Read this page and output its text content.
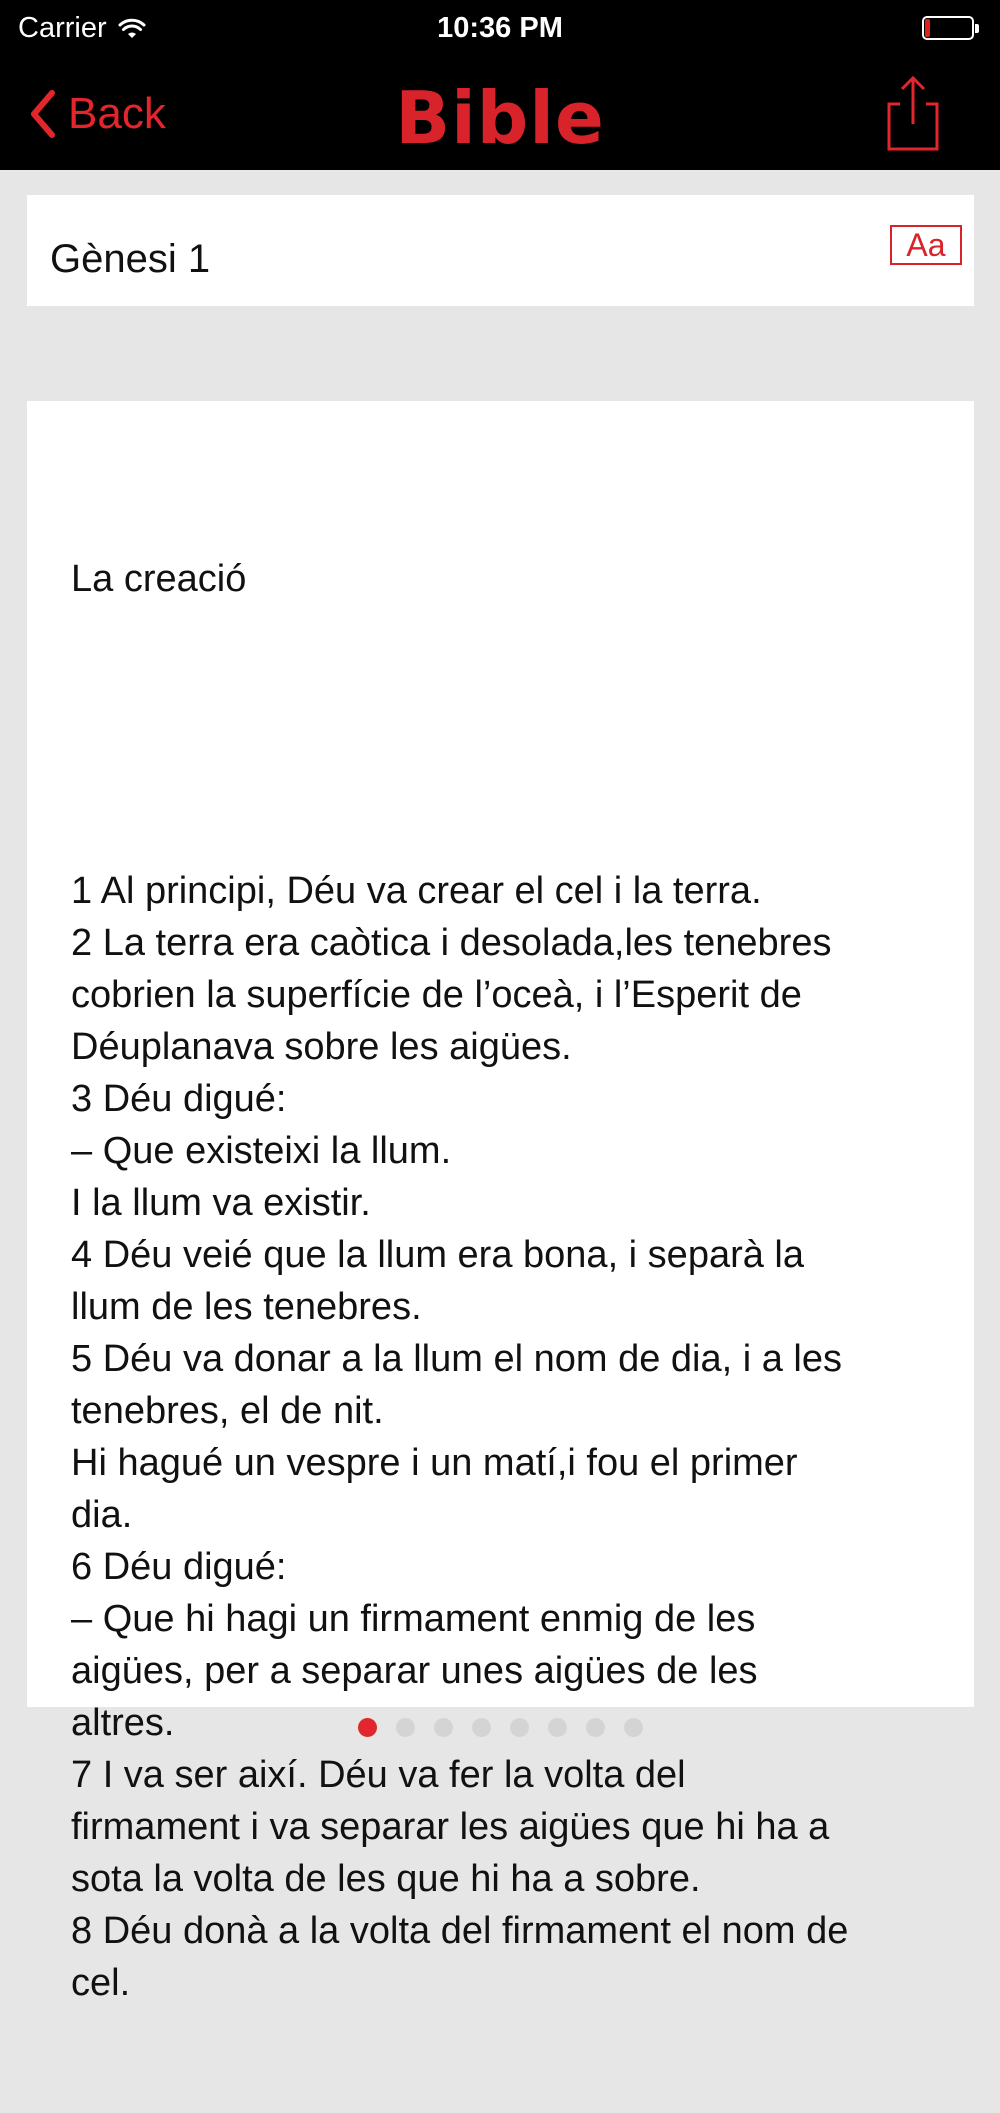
Carrier	10:36 PM
Back	Bible
Gènesi 1	Aa

La creació

1 Al principi, Déu va crear el cel i la terra.
2 La terra era caòtica i desolada,les tenebres
cobrien la superfície de l’oceà, i l’Esperit de
Déuplanava sobre les aigües.
3 Déu digué:
– Que existeixi la llum.
I la llum va existir.
4 Déu veié que la llum era bona, i separà la
llum de les tenebres.
5 Déu va donar a la llum el nom de dia, i a les
tenebres, el de nit.
Hi hagué un vespre i un matí,i fou el primer
dia.
6 Déu digué:
– Que hi hagi un firmament enmig de les
aigües, per a separar unes aigües de les
altres.
7 I va ser així. Déu va fer la volta del
firmament i va separar les aigües que hi ha a
sota la volta de les que hi ha a sobre.
8 Déu donà a la volta del firmament el nom de
cel.
